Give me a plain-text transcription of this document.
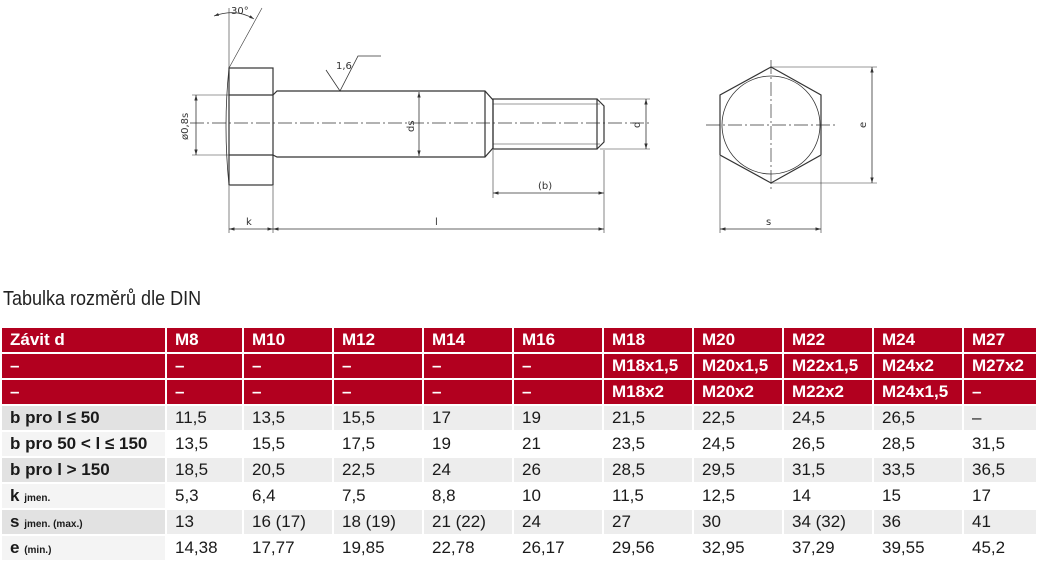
30°
1,6
ø0,8s	ds	d
(b)
k	l	s
e
Tabulka rozměrů dle DIN
Závit d	M8	M10	M12	M14	M16	M18	M20	M22	M24	M27
–	–	–	–	–	–	M18x1,5	M20x1,5	M22x1,5	M24x2	M27x2
–	–	–	–	–	–	M18x2	M20x2	M22x2	M24x1,5	–
b pro l ≤ 50	11,5	13,5	15,5	17	19	21,5	22,5	24,5	26,5	–
b pro 50 < l ≤ 150	13,5	15,5	17,5	19	21	23,5	24,5	26,5	28,5	31,5
b pro l > 150	18,5	20,5	22,5	24	26	28,5	29,5	31,5	33,5	36,5
k jmen.	5,3	6,4	7,5	8,8	10	11,5	12,5	14	15	17
s jmen. (max.)	13	16 (17)	18 (19)	21 (22)	24	27	30	34 (32)	36	41
e (min.)	14,38	17,77	19,85	22,78	26,17	29,56	32,95	37,29	39,55	45,2
